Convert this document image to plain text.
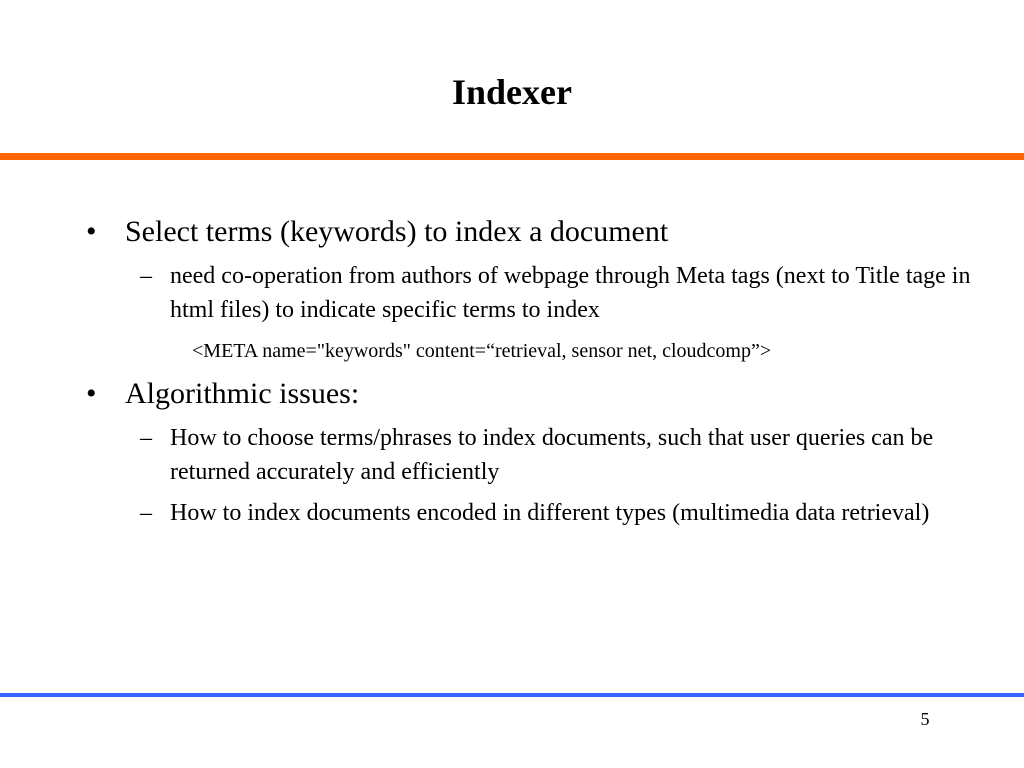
Indexer
• Select terms (keywords) to index a document
– need co-operation from authors of webpage through Meta tags (next to Title tage in html files) to indicate specific terms to index
<META name="keywords" content=“retrieval, sensor net, cloudcomp”>
• Algorithmic issues:
– How to choose terms/phrases to index documents, such that user queries can be returned accurately and efficiently
– How to index documents encoded in different types (multimedia data retrieval)
5
